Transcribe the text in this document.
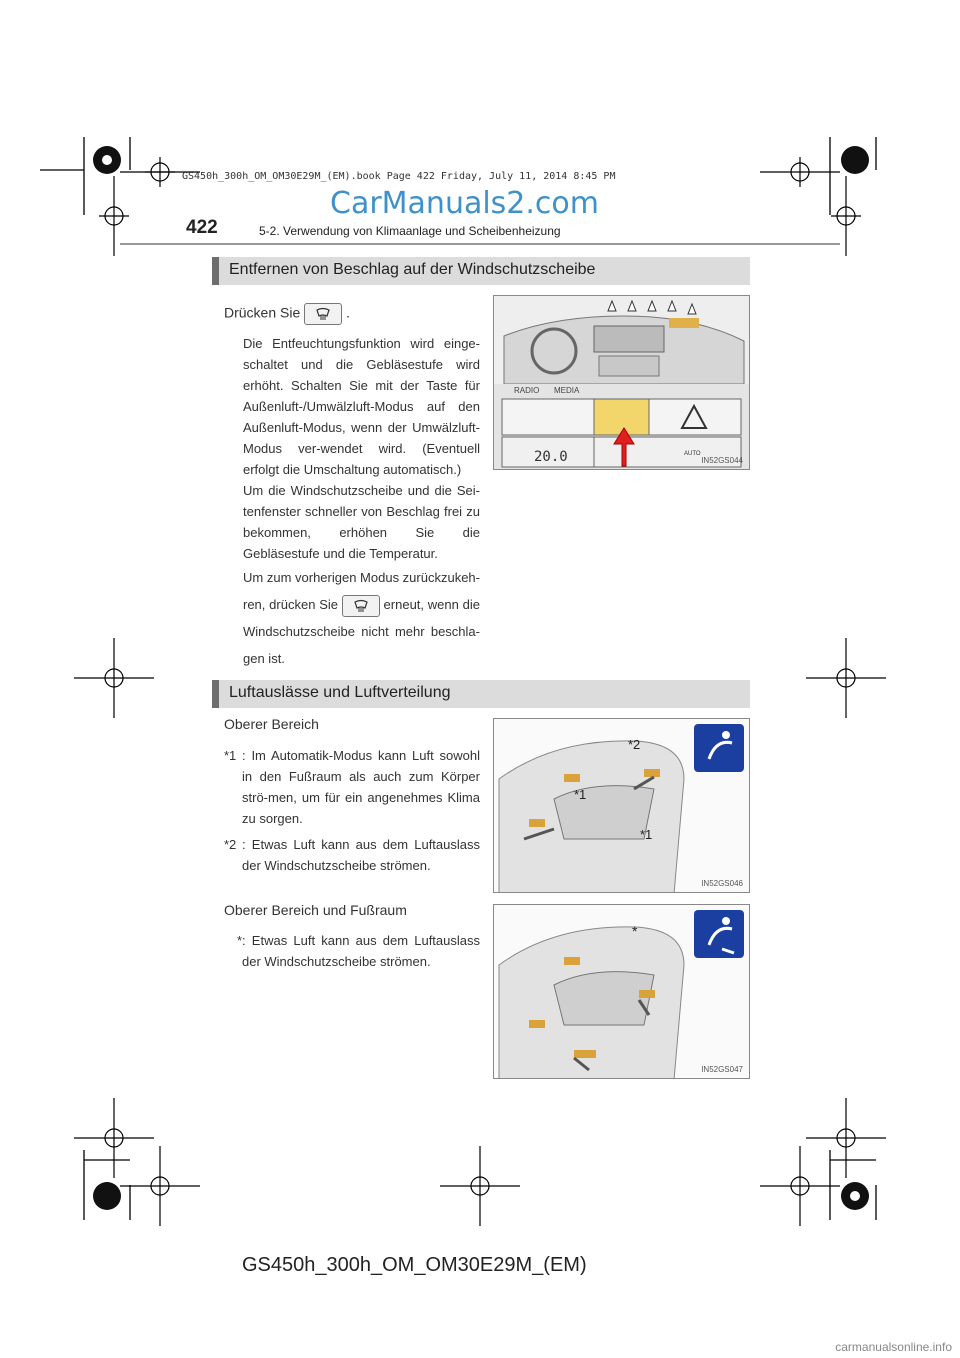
GS450h_300h_OM_OM30E29M_(EM).book Page 422 Friday, July 11, 2014 8:45 PM
CarManuals2.com
422	5-2. Verwendung von Klimaanlage und Scheibenheizung
Entfernen von Beschlag auf der Windschutzscheibe
Drücken Sie	.
Die Entfeuchtungsfunktion wird einge-schaltet und die Gebläsestufe wird erhöht. Schalten Sie mit der Taste für Außenluft-/Umwälzluft-Modus auf den Außenluft-Modus, wenn der Umwälzluft-Modus ver-wendet wird. (Eventuell erfolgt die Umschaltung automatisch.)
Um die Windschutzscheibe und die Sei-tenfenster schneller von Beschlag frei zu bekommen, erhöhen Sie die Gebläsestufe und die Temperatur.
Um zum vorherigen Modus zurückzukeh-ren, drücken Sie	erneut, wenn die Windschutzscheibe nicht mehr beschla-gen ist.
RADIO MEDIA
20.0	AUTO
IN52GS044
Luftauslässe und Luftverteilung
Oberer Bereich
*1 : Im Automatik-Modus kann Luft sowohl in den Fußraum als auch zum Körper strö-men, um für ein angenehmes Klima zu sorgen.
*2 : Etwas Luft kann aus dem Luftauslass der Windschutzscheibe strömen.
*2
*1
*1
IN52GS046
Oberer Bereich und Fußraum
* : Etwas Luft kann aus dem Luftauslass der Windschutzscheibe strömen.
*
IN52GS047
GS450h_300h_OM_OM30E29M_(EM)
carmanualsonline.info
